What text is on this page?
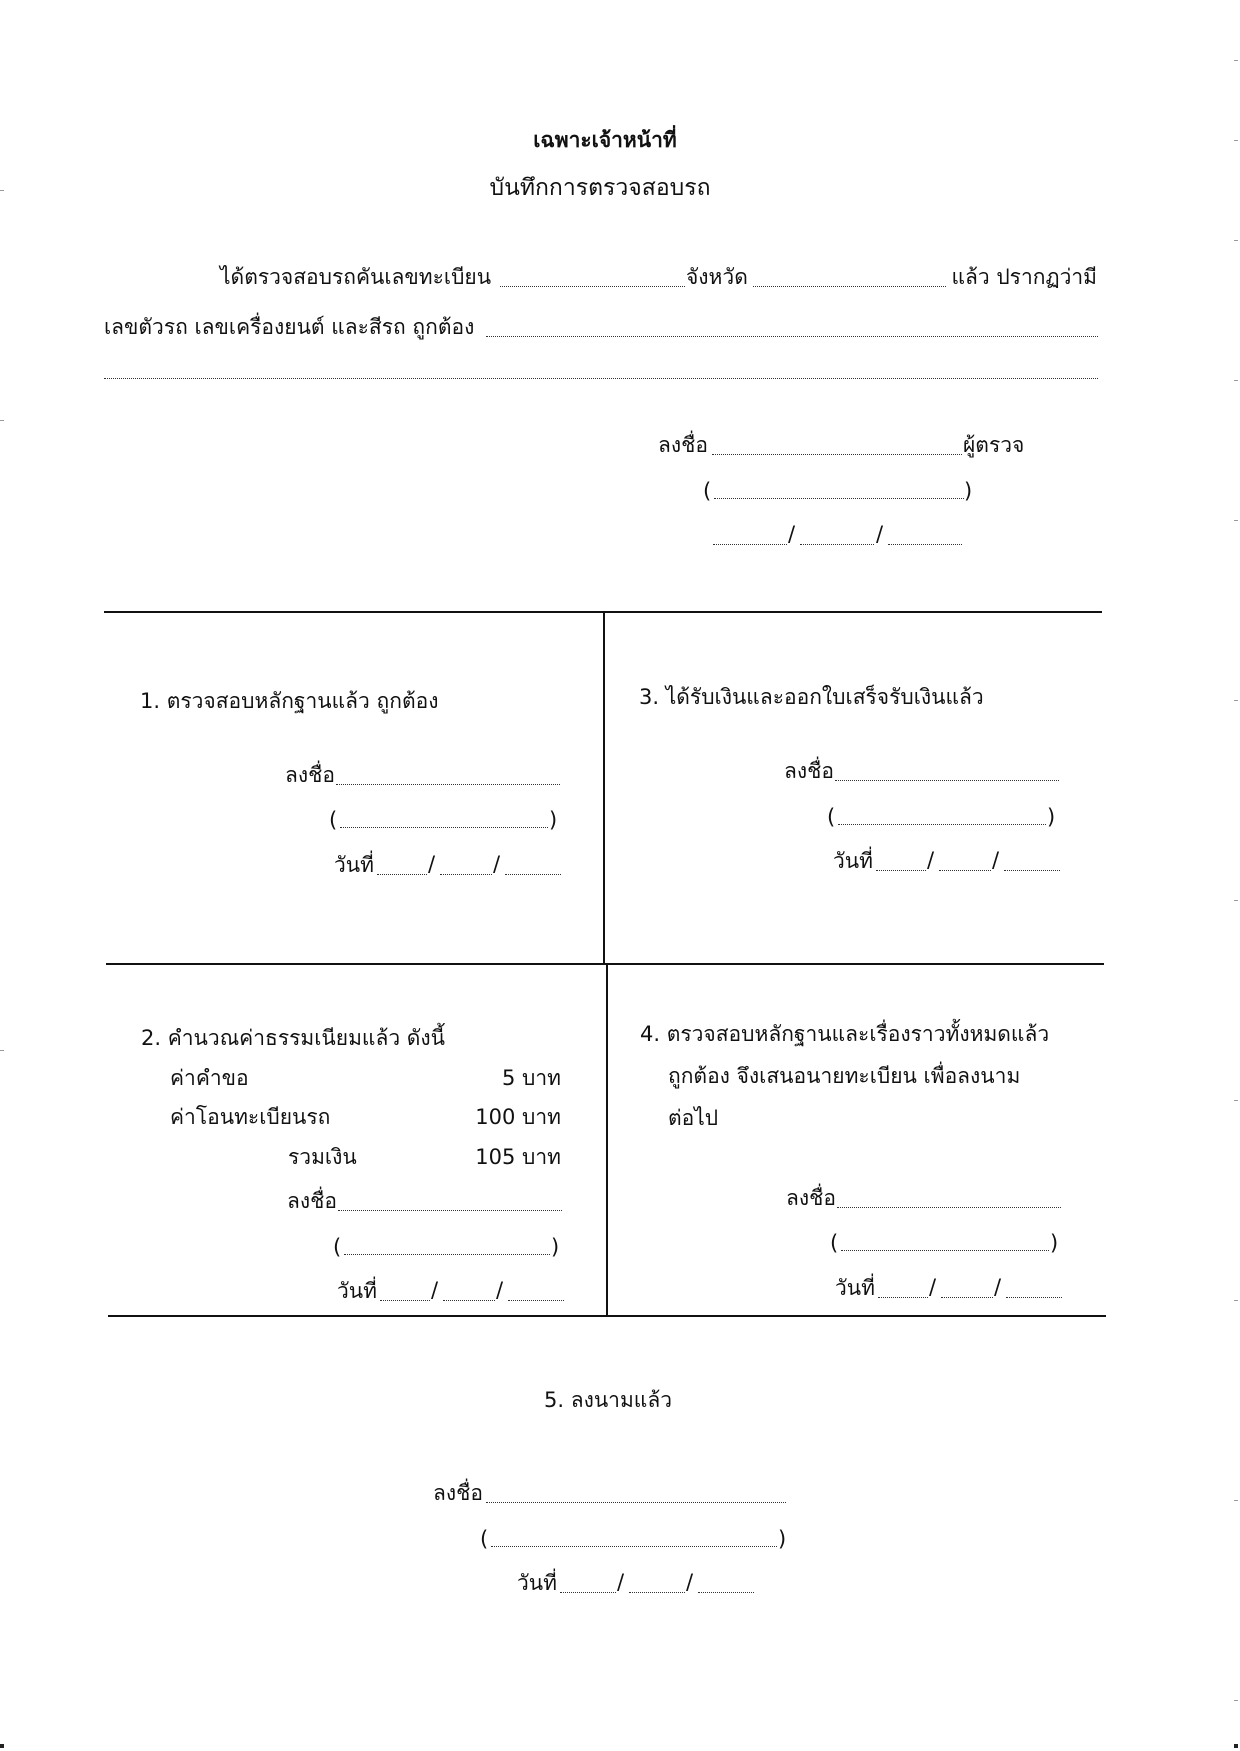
เฉพาะเจ้าหน้าที่
บันทึกการตรวจสอบรถ
ได้ตรวจสอบรถคันเลขทะเบียน	จังหวัด	แล้ว ปรากฏว่ามี
เลขตัวรถ เลขเครื่องยนต์ และสีรถ ถูกต้อง
ลงชื่อ	ผู้ตรวจ
(	)
/	/
1. ตรวจสอบหลักฐานแล้ว ถูกต้อง
ลงชื่อ
(	)
วันที่	/	/
3. ได้รับเงินและออกใบเสร็จรับเงินแล้ว
ลงชื่อ
(	)
วันที่	/	/
2. คำนวณค่าธรรมเนียมแล้ว ดังนี้
ค่าคำขอ	5 บาท
ค่าโอนทะเบียนรถ	100 บาท
รวมเงิน	105 บาท
ลงชื่อ
(	)
วันที่	/	/
4. ตรวจสอบหลักฐานและเรื่องราวทั้งหมดแล้ว
ถูกต้อง จึงเสนอนายทะเบียน เพื่อลงนาม
ต่อไป
ลงชื่อ
(	)
วันที่	/	/
5. ลงนามแล้ว
ลงชื่อ
(	)
วันที่	/	/
